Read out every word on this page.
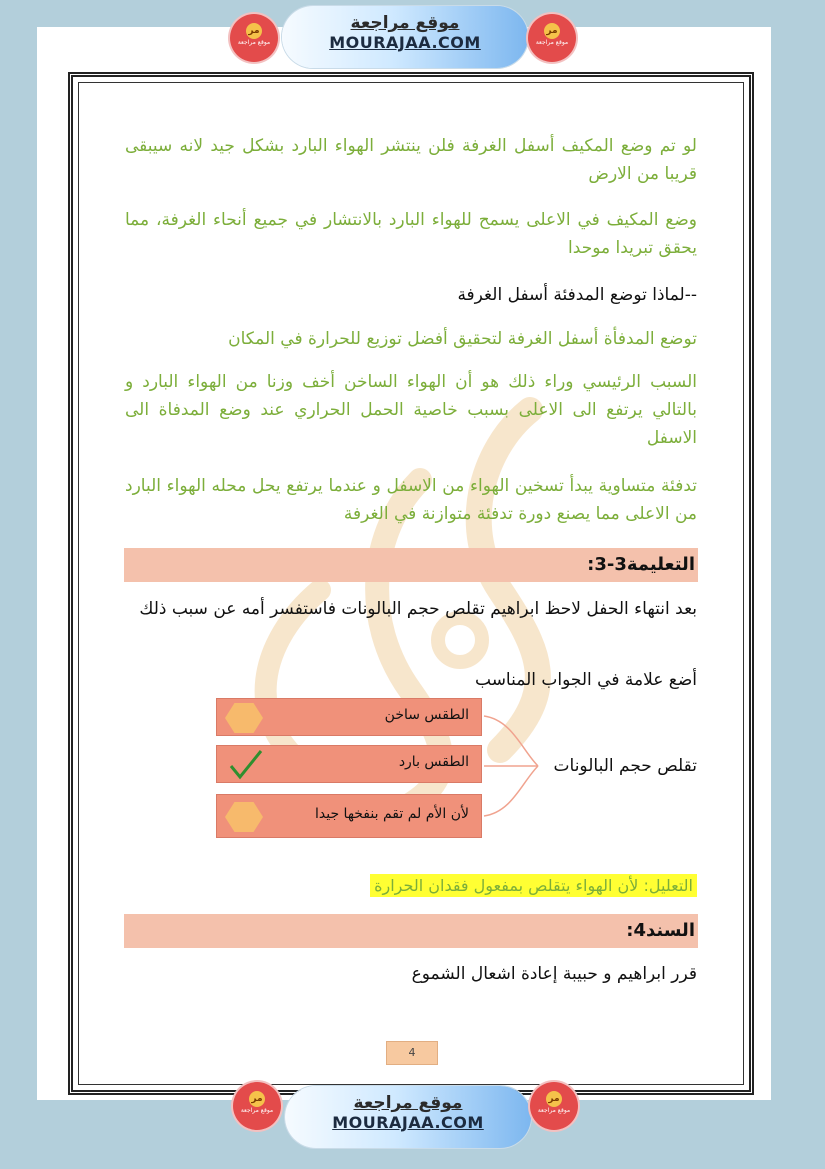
مر
موقع مراجعة
موقع مراجعة
MOURAJAA.COM
مر
موقع مراجعة
لو تم وضع المكيف أسفل الغرفة فلن ينتشر الهواء البارد بشكل جيد لانه سيبقى قريبا من الارض
وضع المكيف في الاعلى يسمح للهواء البارد بالانتشار في جميع أنحاء الغرفة، مما يحقق تبريدا موحدا
--لماذا توضع المدفئة أسفل الغرفة
توضع المدفأة أسفل الغرفة لتحقيق أفضل توزيع للحرارة في المكان
السبب الرئيسي وراء ذلك هو أن الهواء الساخن أخف وزنا من الهواء البارد و بالتالي يرتفع الى الاعلى بسبب خاصية الحمل الحراري عند وضع المدفاة الى الاسفل
تدفئة متساوية يبدأ تسخين الهواء من الاسفل و عندما يرتفع يحل محله الهواء البارد من الاعلى مما يصنع دورة تدفئة متوازنة في الغرفة
التعليمة3-3:
بعد انتهاء الحفل لاحظ ابراهيم تقلص حجم البالونات فاستفسر أمه عن سبب ذلك
أضع علامة في الجواب المناسب
الطقس ساخن
الطقس بارد
لأن الأم لم تقم بنفخها جيدا
تقلص حجم البالونات
التعليل: لأن الهواء يتقلص بمفعول فقدان الحرارة
السند4:
قرر ابراهيم و حبيبة إعادة اشعال الشموع
4
مر
موقع مراجعة	موقع مراجعة
MOURAJAA.COM
مر
موقع مراجعة
